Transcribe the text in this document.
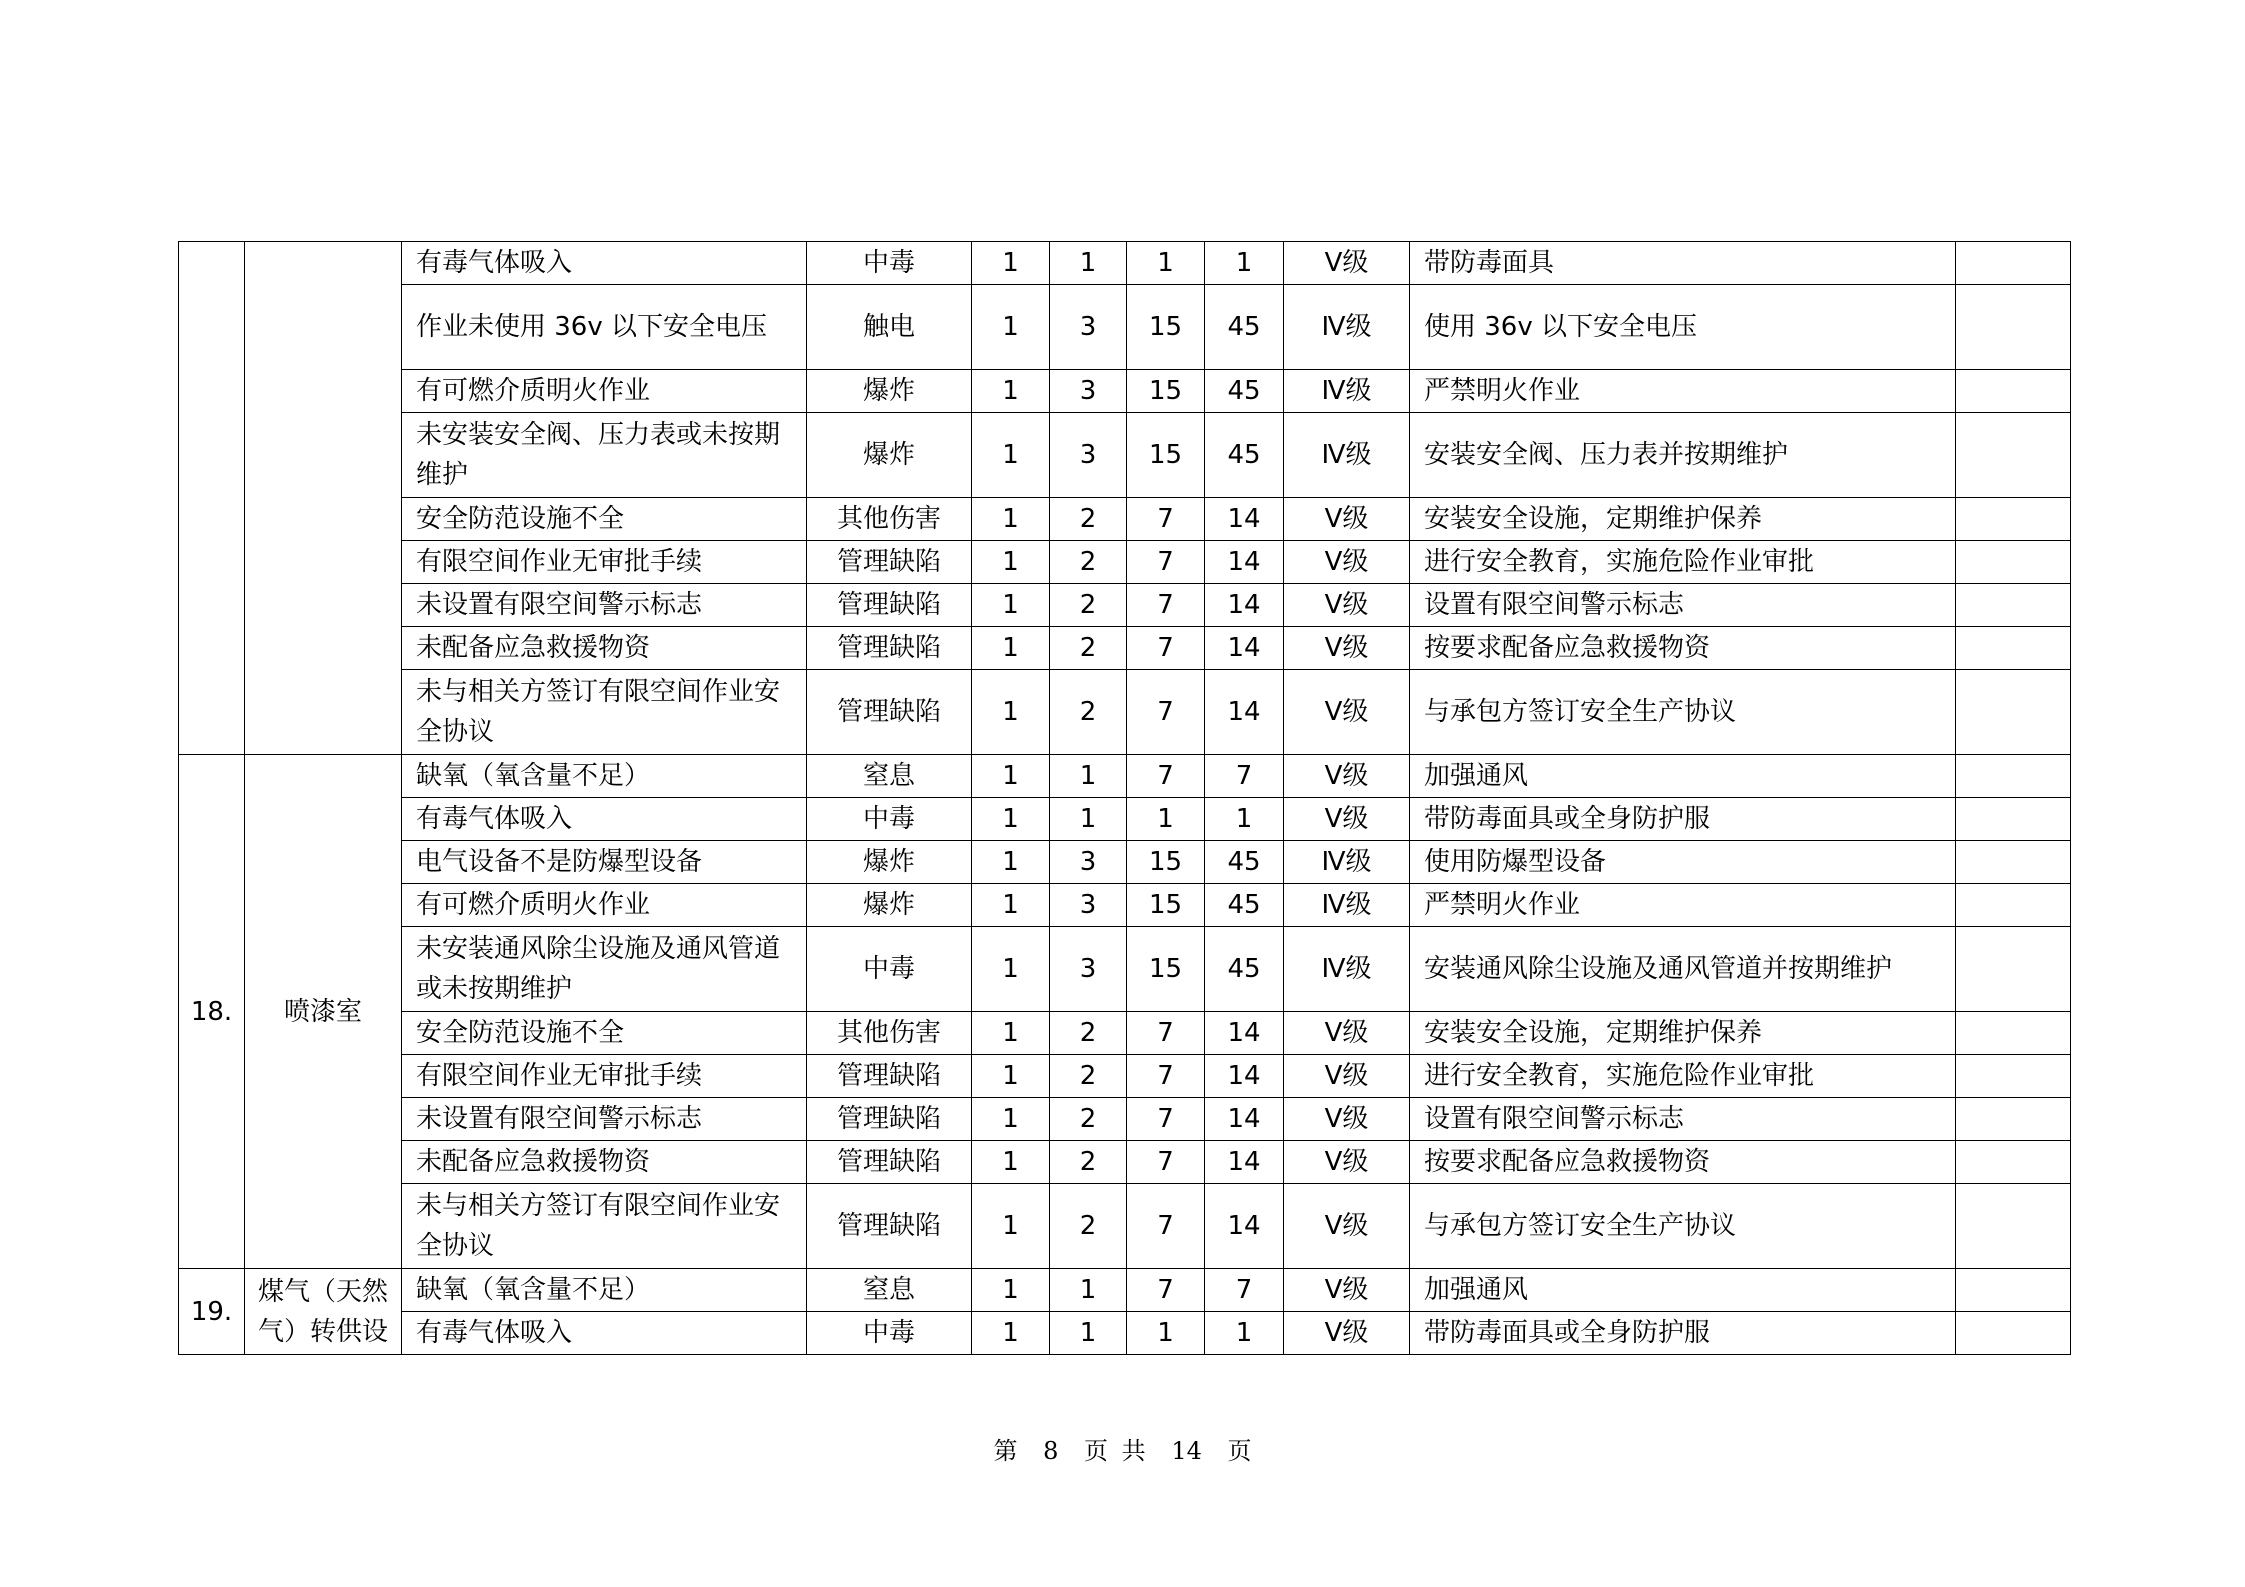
		有毒气体吸入	中毒	1	1	1	1	Ⅴ级	带防毒面具	
		作业未使用 36v 以下安全电压	触电	1	3	15	45	Ⅳ级	使用 36v 以下安全电压	
		有可燃介质明火作业	爆炸	1	3	15	45	Ⅳ级	严禁明火作业	
		未安装安全阀、压力表或未按期维护	爆炸	1	3	15	45	Ⅳ级	安装安全阀、压力表并按期维护	
		安全防范设施不全	其他伤害	1	2	7	14	Ⅴ级	安装安全设施，定期维护保养	
		有限空间作业无审批手续	管理缺陷	1	2	7	14	Ⅴ级	进行安全教育，实施危险作业审批	
		未设置有限空间警示标志	管理缺陷	1	2	7	14	Ⅴ级	设置有限空间警示标志	
		未配备应急救援物资	管理缺陷	1	2	7	14	Ⅴ级	按要求配备应急救援物资	
		未与相关方签订有限空间作业安全协议	管理缺陷	1	2	7	14	Ⅴ级	与承包方签订安全生产协议	
18.	喷漆室	缺氧（氧含量不足）	窒息	1	1	7	7	Ⅴ级	加强通风	
		有毒气体吸入	中毒	1	1	1	1	Ⅴ级	带防毒面具或全身防护服	
		电气设备不是防爆型设备	爆炸	1	3	15	45	Ⅳ级	使用防爆型设备	
		有可燃介质明火作业	爆炸	1	3	15	45	Ⅳ级	严禁明火作业	
		未安装通风除尘设施及通风管道或未按期维护	中毒	1	3	15	45	Ⅳ级	安装通风除尘设施及通风管道并按期维护	
		安全防范设施不全	其他伤害	1	2	7	14	Ⅴ级	安装安全设施，定期维护保养	
		有限空间作业无审批手续	管理缺陷	1	2	7	14	Ⅴ级	进行安全教育，实施危险作业审批	
		未设置有限空间警示标志	管理缺陷	1	2	7	14	Ⅴ级	设置有限空间警示标志	
		未配备应急救援物资	管理缺陷	1	2	7	14	Ⅴ级	按要求配备应急救援物资	
		未与相关方签订有限空间作业安全协议	管理缺陷	1	2	7	14	Ⅴ级	与承包方签订安全生产协议	
19.	煤气（天然气）转供设	缺氧（氧含量不足）	窒息	1	1	7	7	Ⅴ级	加强通风	
		有毒气体吸入	中毒	1	1	1	1	Ⅴ级	带防毒面具或全身防护服	
第 8 页 共 14 页
